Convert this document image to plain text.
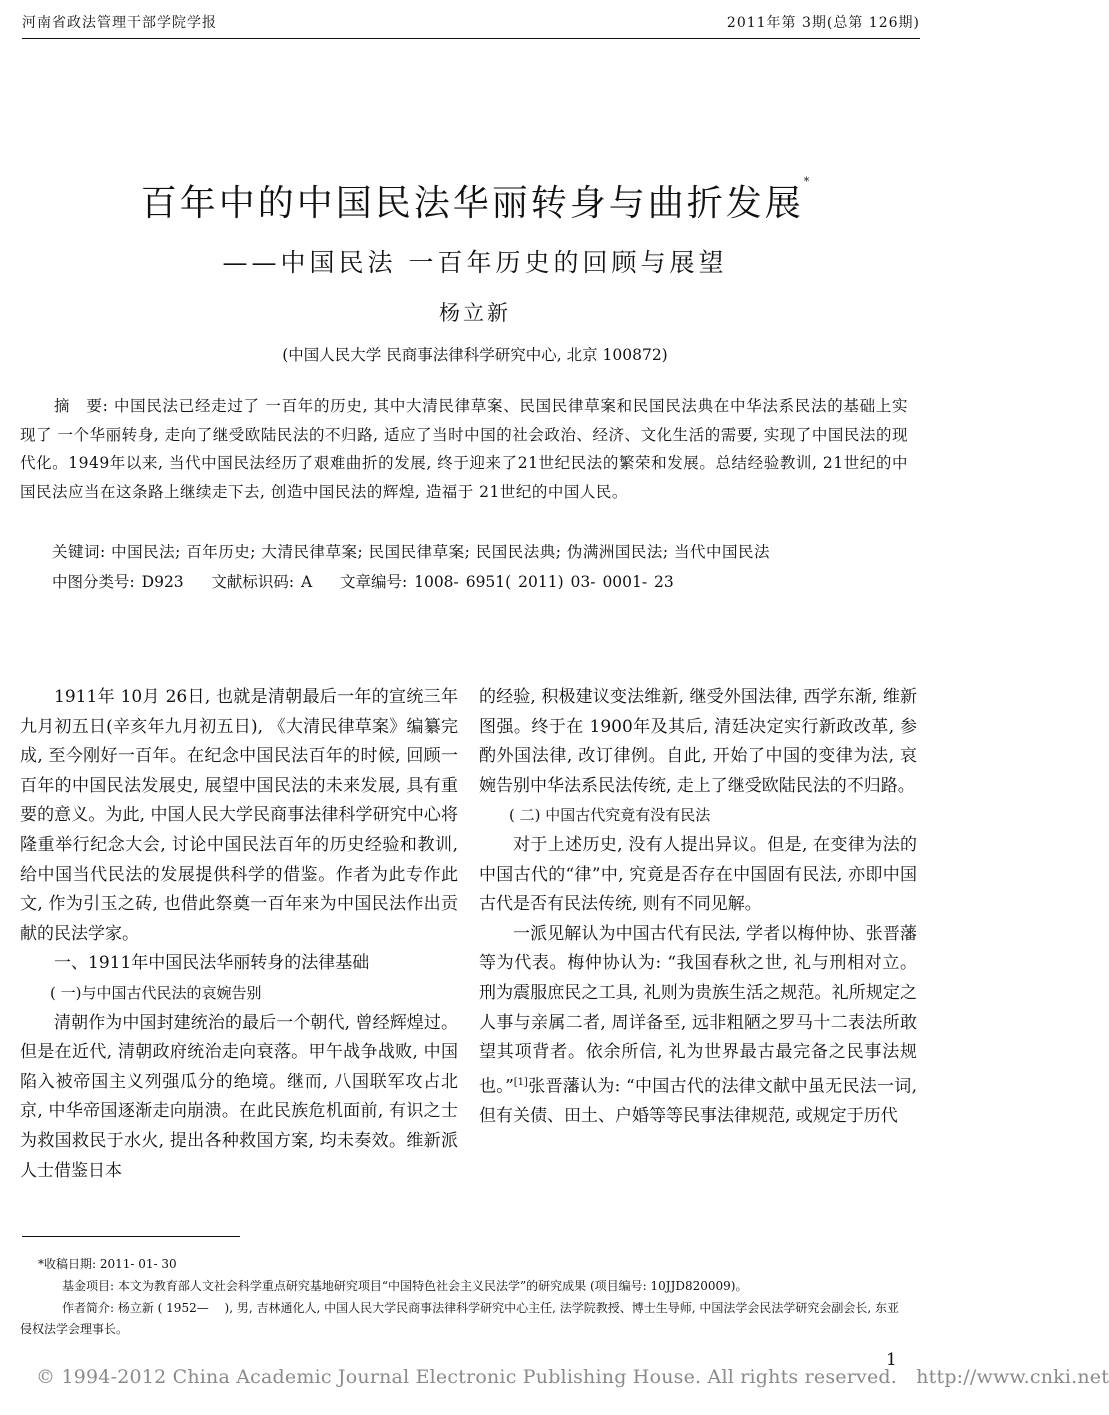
河南省政法管理干部学院学报	2011年第 3期(总第 126期)
百年中的中国民法华丽转身与曲折发展*
——中国民法 一百年历史的回顾与展望
杨立新
(中国人民大学 民商事法律科学研究中心, 北京 100872)
摘　要: 中国民法已经走过了 一百年的历史, 其中大清民律草案、民国民律草案和民国民法典在中华法系民法的基础上实现了 一个华丽转身, 走向了继受欧陆民法的不归路, 适应了当时中国的社会政治、经济、文化生活的需要, 实现了中国民法的现代化。1949年以来, 当代中国民法经历了艰难曲折的发展, 终于迎来了21世纪民法的繁荣和发展。总结经验教训, 21世纪的中国民法应当在这条路上继续走下去, 创造中国民法的辉煌, 造福于 21世纪的中国人民。
关键词: 中国民法; 百年历史; 大清民律草案; 民国民律草案; 民国民法典; 伪满洲国民法; 当代中国民法
中图分类号: D923 文献标识码: A 文章编号: 1008- 6951( 2011) 03- 0001- 23

1911年 10月 26日, 也就是清朝最后一年的宣统三年九月初五日(辛亥年九月初五日), 《大清民律草案》编纂完成, 至今刚好一百年。在纪念中国民法百年的时候, 回顾一百年的中国民法发展史, 展望中国民法的未来发展, 具有重要的意义。为此, 中国人民大学民商事法律科学研究中心将隆重举行纪念大会, 讨论中国民法百年的历史经验和教训, 给中国当代民法的发展提供科学的借鉴。作者为此专作此文, 作为引玉之砖, 也借此祭奠一百年来为中国民法作出贡献的民法学家。

一、1911年中国民法华丽转身的法律基础

( 一)与中国古代民法的哀婉告别

清朝作为中国封建统治的最后一个朝代, 曾经辉煌过。但是在近代, 清朝政府统治走向衰落。甲午战争战败, 中国陷入被帝国主义列强瓜分的绝境。继而, 八国联军攻占北京, 中华帝国逐渐走向崩溃。在此民族危机面前, 有识之士为救国救民于水火, 提出各种救国方案, 均未奏效。维新派人士借鉴日本

的经验, 积极建议变法维新, 继受外国法律, 西学东渐, 维新图强。终于在 1900年及其后, 清廷决定实行新政改革, 参酌外国法律, 改订律例。自此, 开始了中国的变律为法, 哀婉告别中华法系民法传统, 走上了继受欧陆民法的不归路。

( 二) 中国古代究竟有没有民法

对于上述历史, 没有人提出异议。但是, 在变律为法的中国古代的“律”中, 究竟是否存在中国固有民法, 亦即中国古代是否有民法传统, 则有不同见解。

一派见解认为中国古代有民法, 学者以梅仲协、张晋藩等为代表。梅仲协认为: “我国春秋之世, 礼与刑相对立。刑为震服庶民之工具, 礼则为贵族生活之规范。礼所规定之人事与亲属二者, 周详备至, 远非粗陋之罗马十二表法所敢望其项背者。依余所信, 礼为世界最古最完备之民事法规也。”[1]张晋藩认为: “中国古代的法律文献中虽无民法一词, 但有关债、田土、户婚等等民事法律规范, 或规定于历代

*收稿日期: 2011- 01- 30
基金项目: 本文为教育部人文社会科学重点研究基地研究项目“中国特色社会主义民法学”的研究成果 (项目编号: 10JJD820009)。
作者简介: 杨立新 ( 1952—　 ), 男, 吉林通化人, 中国人民大学民商事法律科学研究中心主任, 法学院教授、博士生导师, 中国法学会民法学研究会副会长, 东亚侵权法学会理事长。
1
© 1994-2012 China Academic Journal Electronic Publishing House. All rights reserved.　http://www.cnki.net
